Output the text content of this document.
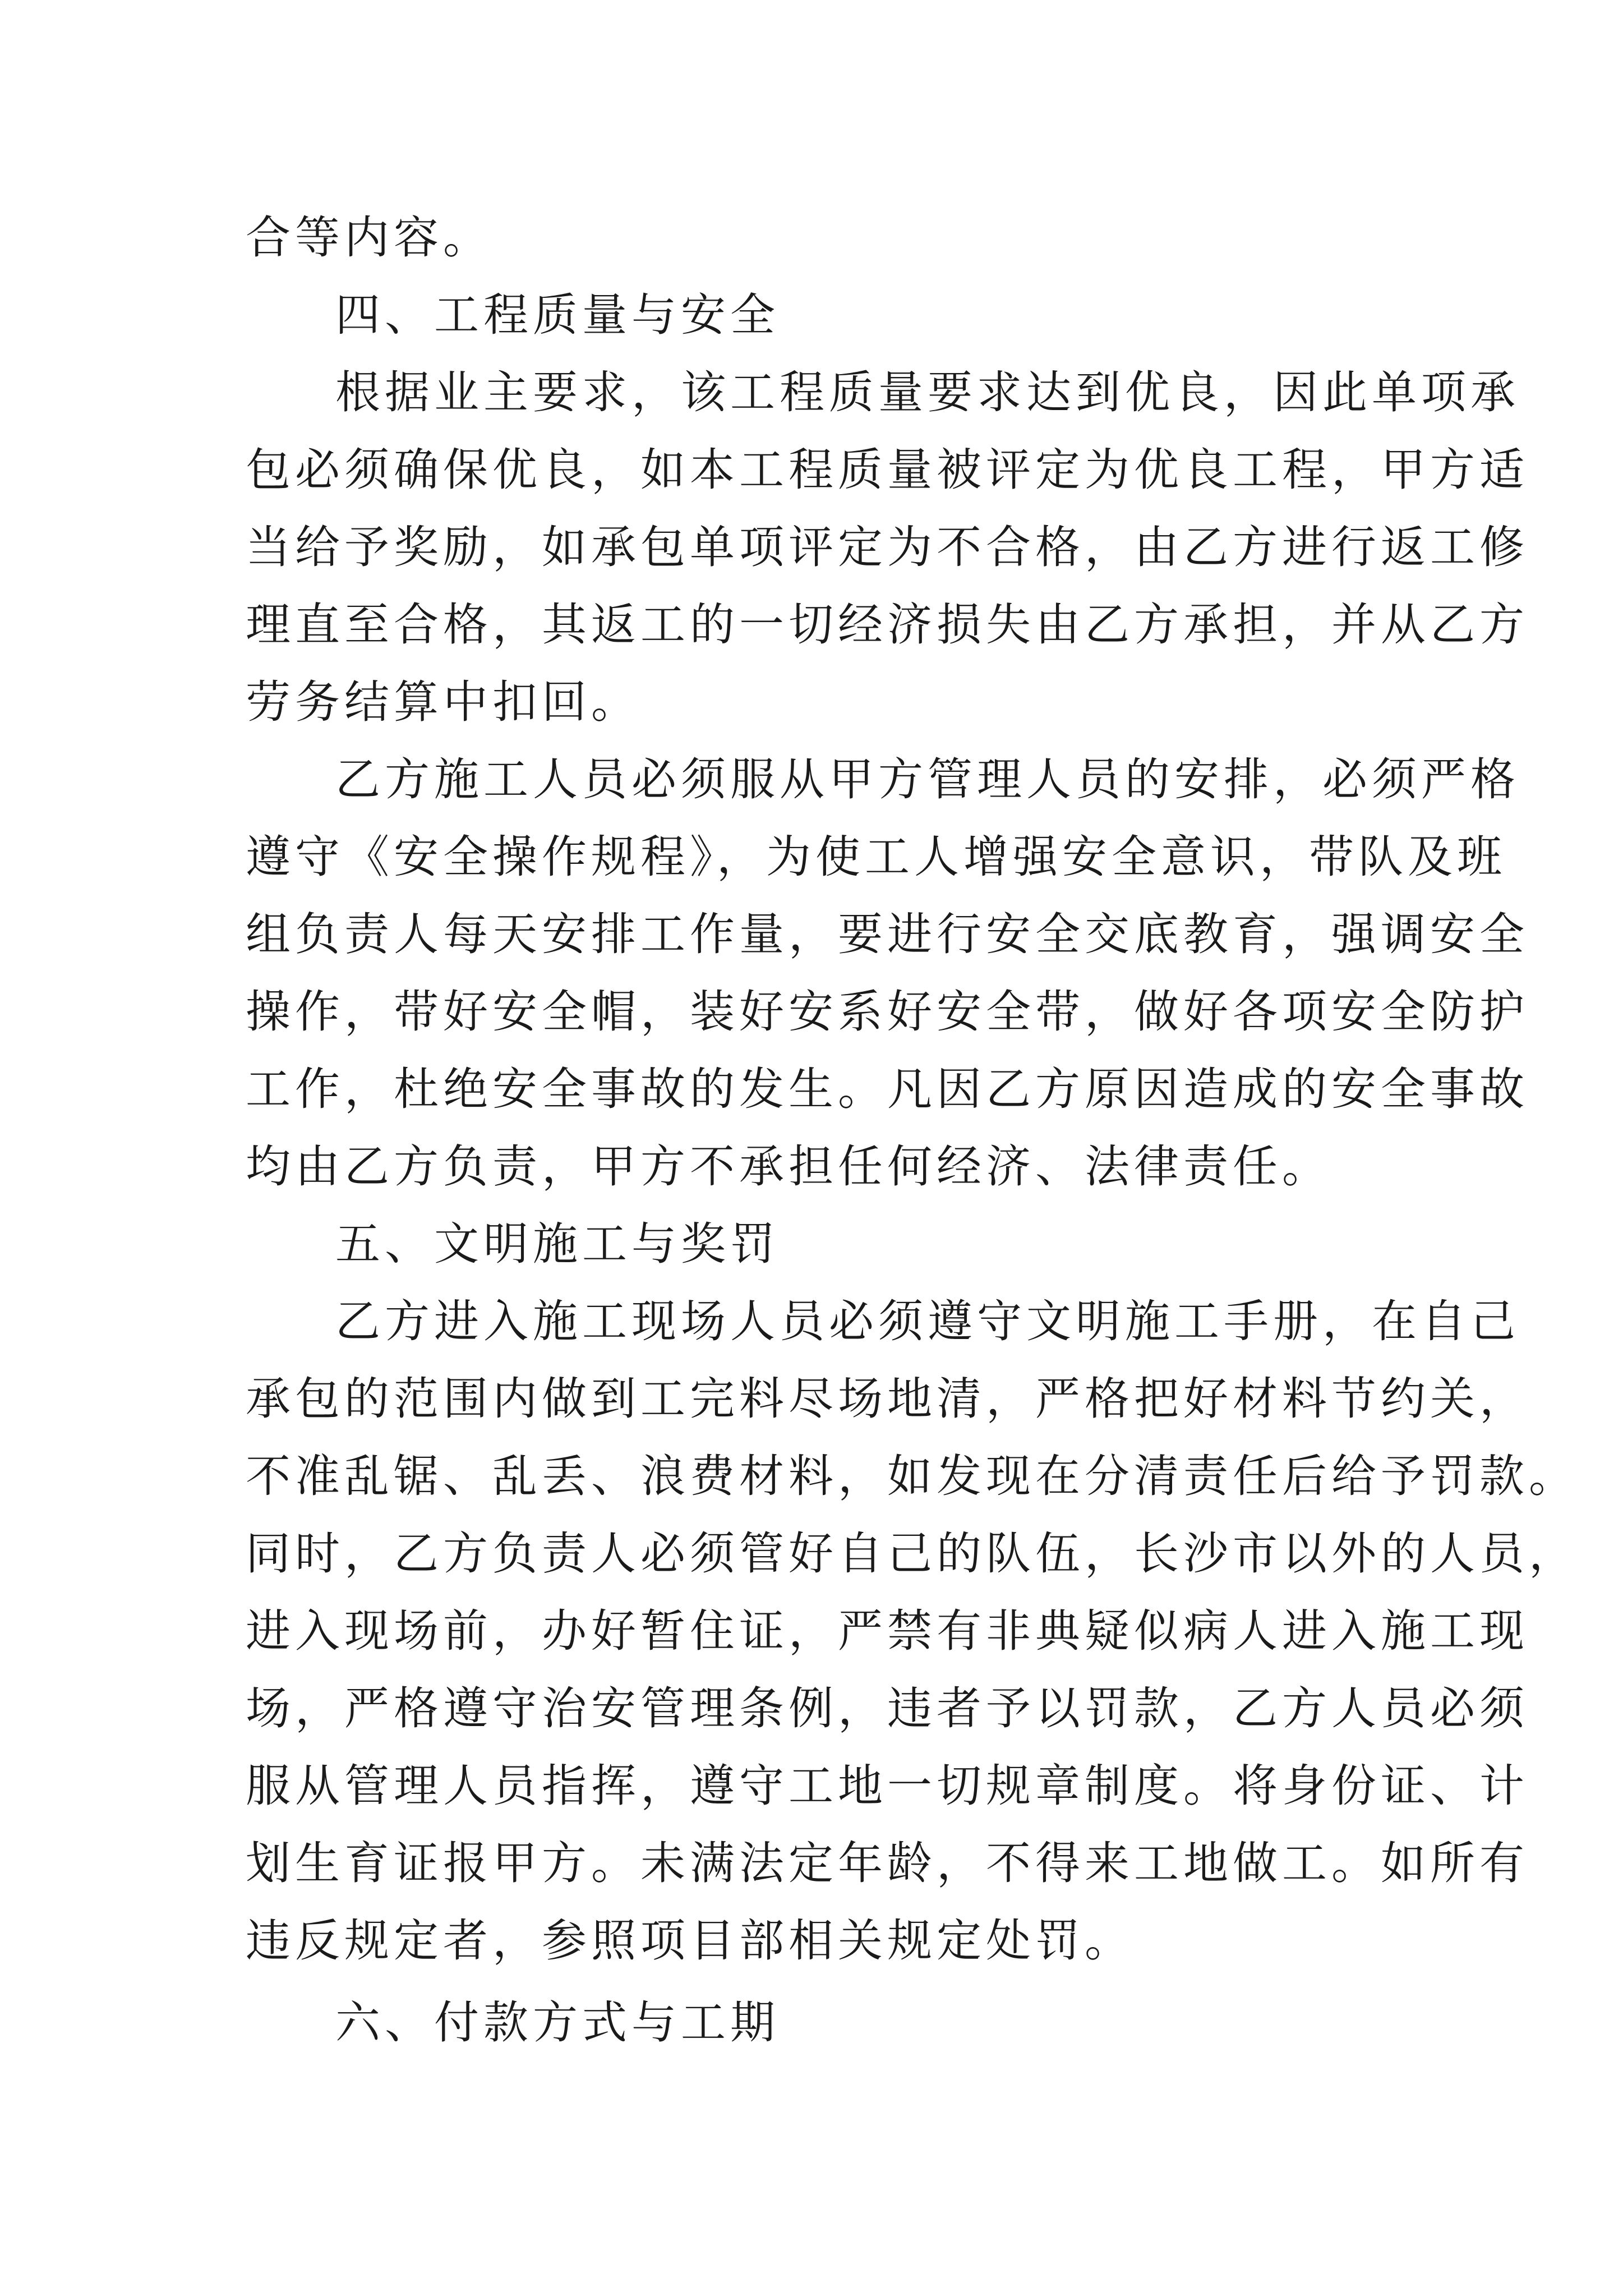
合等内容。
四、工程质量与安全
根据业主要求，该工程质量要求达到优良，因此单项承
包必须确保优良，如本工程质量被评定为优良工程，甲方适
当给予奖励，如承包单项评定为不合格，由乙方进行返工修
理直至合格，其返工的一切经济损失由乙方承担，并从乙方
劳务结算中扣回。
乙方施工人员必须服从甲方管理人员的安排，必须严格
遵守《安全操作规程》，为使工人增强安全意识，带队及班
组负责人每天安排工作量，要进行安全交底教育，强调安全
操作，带好安全帽，装好安系好安全带，做好各项安全防护
工作，杜绝安全事故的发生。凡因乙方原因造成的安全事故
均由乙方负责，甲方不承担任何经济、法律责任。
五、文明施工与奖罚
乙方进入施工现场人员必须遵守文明施工手册，在自己
承包的范围内做到工完料尽场地清，严格把好材料节约关，
不准乱锯、乱丢、浪费材料，如发现在分清责任后给予罚款。
同时，乙方负责人必须管好自己的队伍，长沙市以外的人员，
进入现场前，办好暂住证，严禁有非典疑似病人进入施工现
场，严格遵守治安管理条例，违者予以罚款，乙方人员必须
服从管理人员指挥，遵守工地一切规章制度。将身份证、计
划生育证报甲方。未满法定年龄，不得来工地做工。如所有
违反规定者，参照项目部相关规定处罚。
六、付款方式与工期
